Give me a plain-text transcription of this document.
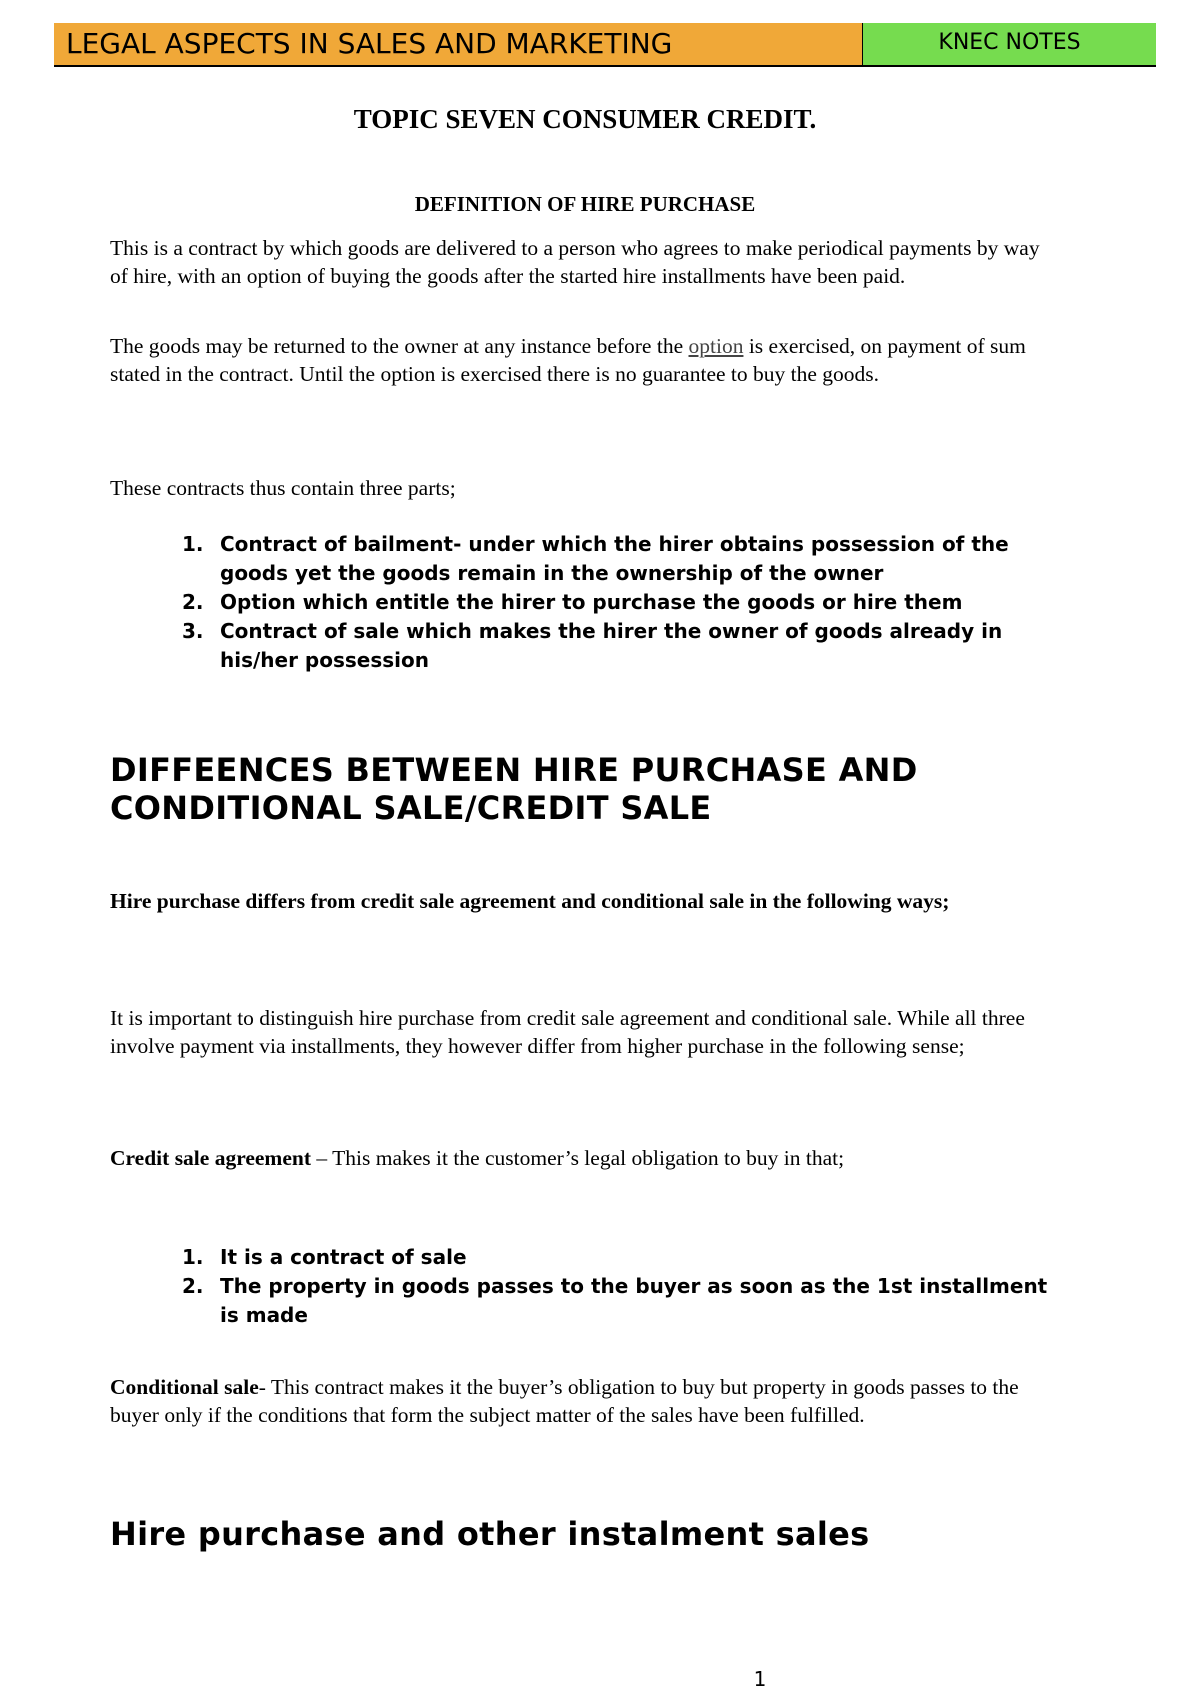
LEGAL ASPECTS IN SALES AND MARKETING	KNEC NOTES
TOPIC SEVEN CONSUMER CREDIT.
DEFINITION OF HIRE PURCHASE
This is a contract by which goods are delivered to a person who agrees to make periodical payments by way of hire, with an option of buying the goods after the started hire installments have been paid.
The goods may be returned to the owner at any instance before the option is exercised, on payment of sum stated in the contract. Until the option is exercised there is no guarantee to buy the goods.
These contracts thus contain three parts;
1. Contract of bailment- under which the hirer obtains possession of the goods yet the goods remain in the ownership of the owner
2. Option which entitle the hirer to purchase the goods or hire them
3. Contract of sale which makes the hirer the owner of goods already in his/her possession
DIFFEENCES BETWEEN HIRE PURCHASE AND CONDITIONAL SALE/CREDIT SALE
Hire purchase differs from credit sale agreement and conditional sale in the following ways;
It is important to distinguish hire purchase from credit sale agreement and conditional sale. While all three involve payment via installments, they however differ from higher purchase in the following sense;
Credit sale agreement – This makes it the customer’s legal obligation to buy in that;
1. It is a contract of sale
2. The property in goods passes to the buyer as soon as the 1st installment is made
Conditional sale- This contract makes it the buyer’s obligation to buy but property in goods passes to the buyer only if the conditions that form the subject matter of the sales have been fulfilled.
Hire purchase and other instalment sales
1
